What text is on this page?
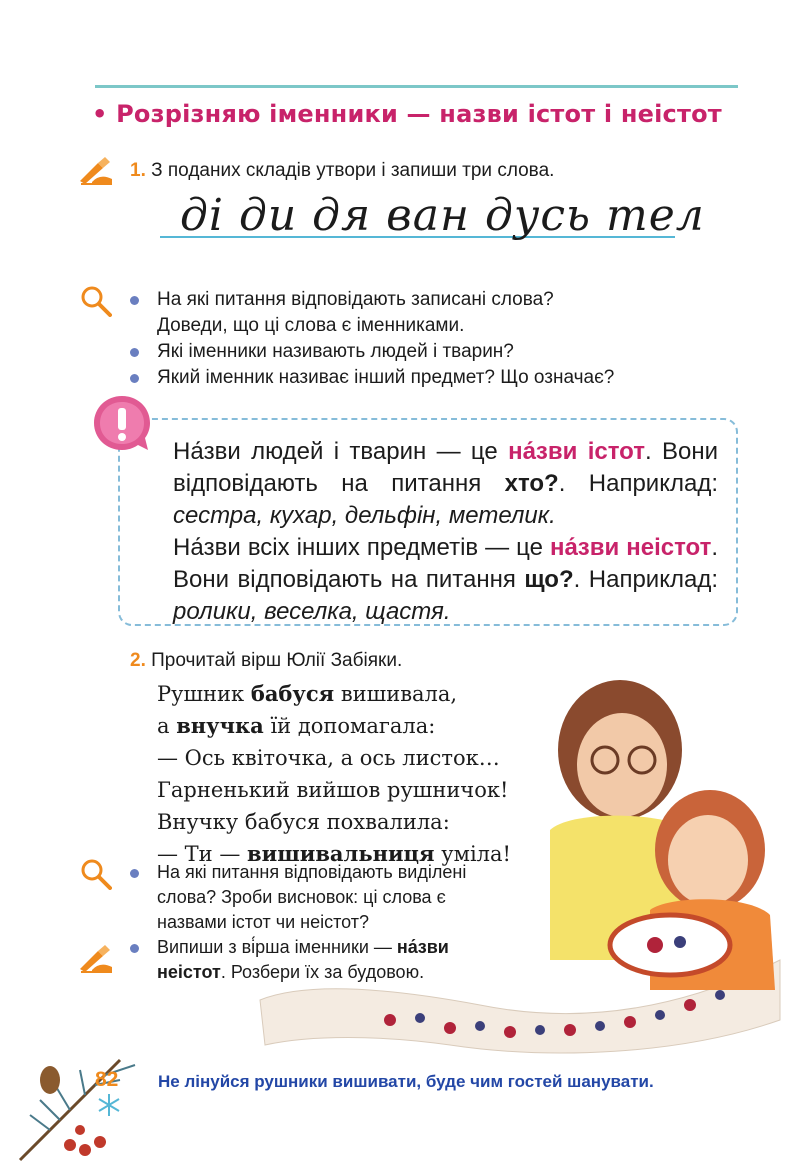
• Розрізняю іменники — назви істот і неістот
1. З поданих складів утвори і запиши три слова.
ді ди дя ван дусь тел
На які питання відповідають записані слова?
Доведи, що ці слова є іменниками.
Які іменники називають людей і тварин?
Який іменник називає інший предмет? Що означає?
На́зви людей і тварин — це на́зви істот. Вони відповідають на питання хто?. Наприклад: сестра, кухар, дельфін, метелик.
На́зви всіх інших предметів — це на́зви неістот. Вони відповідають на питання що?. Наприклад: ролики, веселка, щастя.
2. Прочитай вірш Юлії Забіяки.
Рушник бабуся вишивала,
а внучка їй допомагала:
— Ось квіточка, а ось листок…
Гарненький вийшов рушничок!
Внучку бабуся похвалила:
— Ти — вишивальниця уміла!
На які питання відповідають виділені
слова? Зроби висновок: ці слова є
назвами істот чи неістот?
Випиши з ві́рша іменники — на́зви
неістот. Розбери їх за будовою.
82 Не лінуйся рушники вишивати, буде чим гостей шанувати.
